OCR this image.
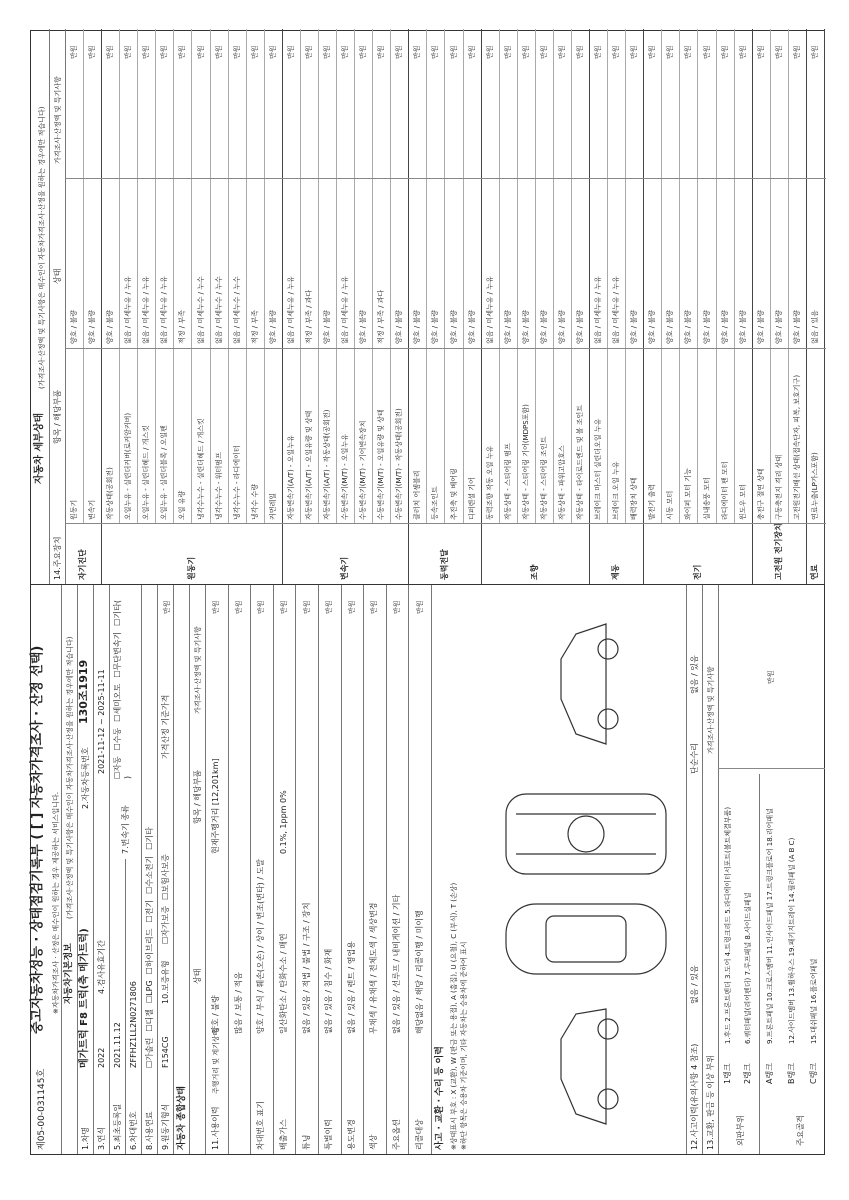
제05-00-031145호
중고자동차성능 · 상태점검기록부 ( [ ] 자동차가격조사 · 산정 선택) ※자동차가격조사 · 산정은 매수인이 원하는 경우 제공하는 서비스입니다. 자동차기본정보
(가격조사·산정액 및 특기사항은 매수인이 자동차가격조사·산정을 원하는 경우에만 적습니다)
1.차명
메가트럭 F8 트럭(축 메가트럭)
2.자동차등록번호
130조1919
3.연식
2022
4.검사유효기간
2021-11-12 ~ 2025-11-11
5.최초등록일
2021.11.12
7.변속기 종류
☐자동☐수동☐세미오토☐무단변속기☐기타( )
6.차대번호
ZFFHZ1LL2N0271806
8.사용연료
☐가솔린☐디젤☐LPG☐하이브리드☐전기☐수소전기☐기타
9.원동기형식
F154CG
10.보증유형
☐자가보증☐보험사보증
가격산정 기준가격
만원
자동차 종합상태
상태
항목 / 해당부품
가격조사·산정액 및 특기사항
11.사용이력
주행거리 및 계기상태
양호 / 불량
현재주행거리 [12,201km]
만원
많음 / 보통 / 적음
만원
차대번호 표기
양호 / 부식 / 훼손(오손) / 상이 / 변조(변타) / 도말
만원
배출가스
일산화탄소 / 탄화수소 / 매연
0.1%, 1ppm 0%
만원
튜닝
없음 / 있음 / 적법 / 불법 / 구조 / 장치
만원
특별이력
없음 / 있음 / 침수 / 화재
만원
용도변경
없음 / 있음 / 렌트 / 영업용
만원
색상
무채색 / 유채색 / 전체도색 / 색상변경
만원
주요옵션
없음 / 있음 / 선루프 / 내비게이션 / 기타
만원
리콜대상
해당없음 / 해당 / 리콜이행 / 미이행
만원
사고 · 교환 · 수리 등 이력 ※상태표시 부호 : X (교환), W (판금 또는 용접), A (흠집), U (요철), C (부식), T (손상) ※하단 항목은 승용차 기준이며, 기타 자동차는 승용차에 준하여 표시	12.사고이력(유의사항 4 참조)
없음 / 있음
단순수리
없음 / 있음
13.교환, 판금 등 이상 부위
가격조사·산정액 및 특기사항
외판부위
1랭크
1.후드 2.프론트펜더 3.도어 4.트렁크리드 5.라디에이터서포트(볼트체결부품)
2랭크
6.쿼터패널(리어펜더) 7.루프패널 8.사이드실패널
주요골격
A랭크
9.프론트패널 10.크로스멤버 11.인사이드패널 17.트렁크플로어 18.리어패널
B랭크
12.사이드멤버 13.휠하우스 19.패키지트레이 14.필러패널 (A B C)
C랭크
15.대쉬패널 16.플로어패널
만원
자동차 세부상태
(가격조사·산정액 및 특기사항은 매수인이 자동차가격조사·산정을 원하는 경우에만 적습니다)
14.주요장치
항목 / 해당부품
상태
가격조사·산정액 및 특기사항
자기진단
원동기
양호 / 불량
만원
변속기
양호 / 불량
만원
원동기
작동상태(공회전)
양호 / 불량
만원
오일누유 - 실린더커버(로커암커버)
없음 / 미세누유 / 누유
만원
오일누유 - 실린더헤드 / 개스킷
없음 / 미세누유 / 누유
만원
오일누유 - 실린더블록 / 오일팬
없음 / 미세누유 / 누유
만원
오일 유량
적정 / 부족
만원
냉각수누수 - 실린더헤드 / 개스킷
없음 / 미세누수 / 누수
만원
냉각수누수 - 워터펌프
없음 / 미세누수 / 누수
만원
냉각수누수 - 라디에이터
없음 / 미세누수 / 누수
만원
냉각수 수량
적정 / 부족
만원
커먼레일
양호 / 불량
만원
변속기
자동변속기(A/T) - 오일누유
없음 / 미세누유 / 누유
만원
자동변속기(A/T) - 오일유량 및 상태
적정 / 부족 / 과다
만원
자동변속기(A/T) - 작동상태(공회전)
양호 / 불량
만원
수동변속기(M/T) - 오일누유
없음 / 미세누유 / 누유
만원
수동변속기(M/T) - 기어변속장치
양호 / 불량
만원
수동변속기(M/T) - 오일유량 및 상태
적정 / 부족 / 과다
만원
수동변속기(M/T) - 작동상태(공회전)
양호 / 불량
만원
동력전달
클러치 어셈블리
양호 / 불량
만원
등속조인트
양호 / 불량
만원
추진축 및 베어링
양호 / 불량
만원
디퍼렌셜 기어
양호 / 불량
만원
조향
동력조향 작동 오일 누유
없음 / 미세누유 / 누유
만원
작동상태 - 스티어링 펌프
양호 / 불량
만원
작동상태 - 스티어링 기어(MDPS포함)
양호 / 불량
만원
작동상태 - 스티어링 조인트
양호 / 불량
만원
작동상태 - 파워고압호스
양호 / 불량
만원
작동상태 - 타이로드엔드 및 볼 조인트
양호 / 불량
만원
제동
브레이크 마스터 실린더오일 누유
없음 / 미세누유 / 누유
만원
브레이크 오일 누유
없음 / 미세누유 / 누유
만원
배력장치 상태
양호 / 불량
만원
전기
발전기 출력
양호 / 불량
만원
시동 모터
양호 / 불량
만원
와이퍼 모터 기능
양호 / 불량
만원
실내송풍 모터
양호 / 불량
만원
라디에이터 팬 모터
양호 / 불량
만원
윈도우 모터
양호 / 불량
만원
고전원 전기장치
충전구 절연 상태
양호 / 불량
만원
구동축전지 격리 상태
양호 / 불량
만원
고전원전기배선 상태(접속단자, 피복, 보호기구)
양호 / 불량
만원
연료
연료누출(LP가스포함)
없음 / 있음
만원
